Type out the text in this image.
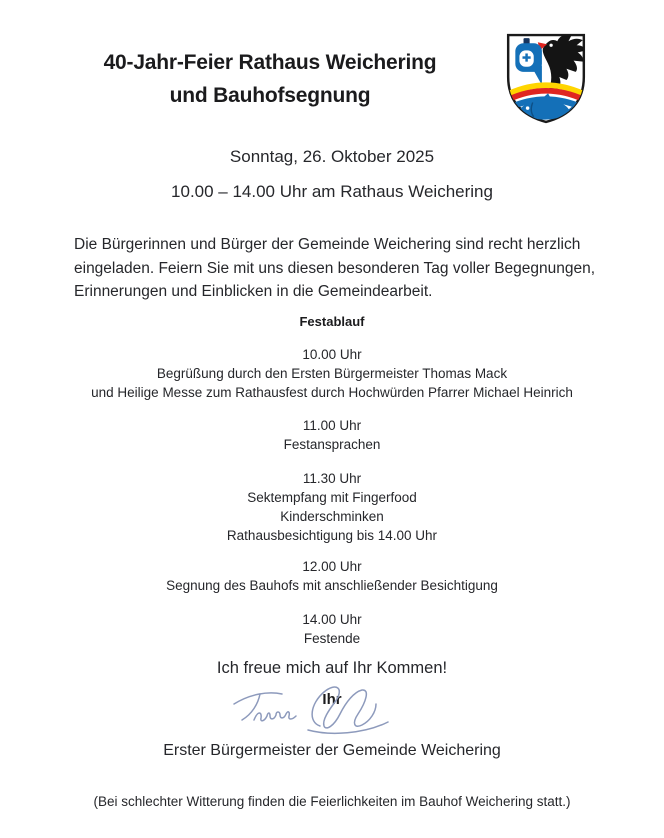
40-Jahr-Feier Rathaus Weichering
und Bauhofsegnung
Sonntag, 26. Oktober 2025
10.00 – 14.00 Uhr am Rathaus Weichering
Die Bürgerinnen und Bürger der Gemeinde Weichering sind recht herzlich
eingeladen. Feiern Sie mit uns diesen besonderen Tag voller Begegnungen,
Erinnerungen und Einblicken in die Gemeindearbeit.
Festablauf
10.00 Uhr
Begrüßung durch den Ersten Bürgermeister Thomas Mack
und Heilige Messe zum Rathausfest durch Hochwürden Pfarrer Michael Heinrich
11.00 Uhr
Festansprachen
11.30 Uhr
Sektempfang mit Fingerfood
Kinderschminken
Rathausbesichtigung bis 14.00 Uhr
12.00 Uhr
Segnung des Bauhofs mit anschließender Besichtigung
14.00 Uhr
Festende
Ich freue mich auf Ihr Kommen!
Ihr
Erster Bürgermeister der Gemeinde Weichering
(Bei schlechter Witterung finden die Feierlichkeiten im Bauhof Weichering statt.)
